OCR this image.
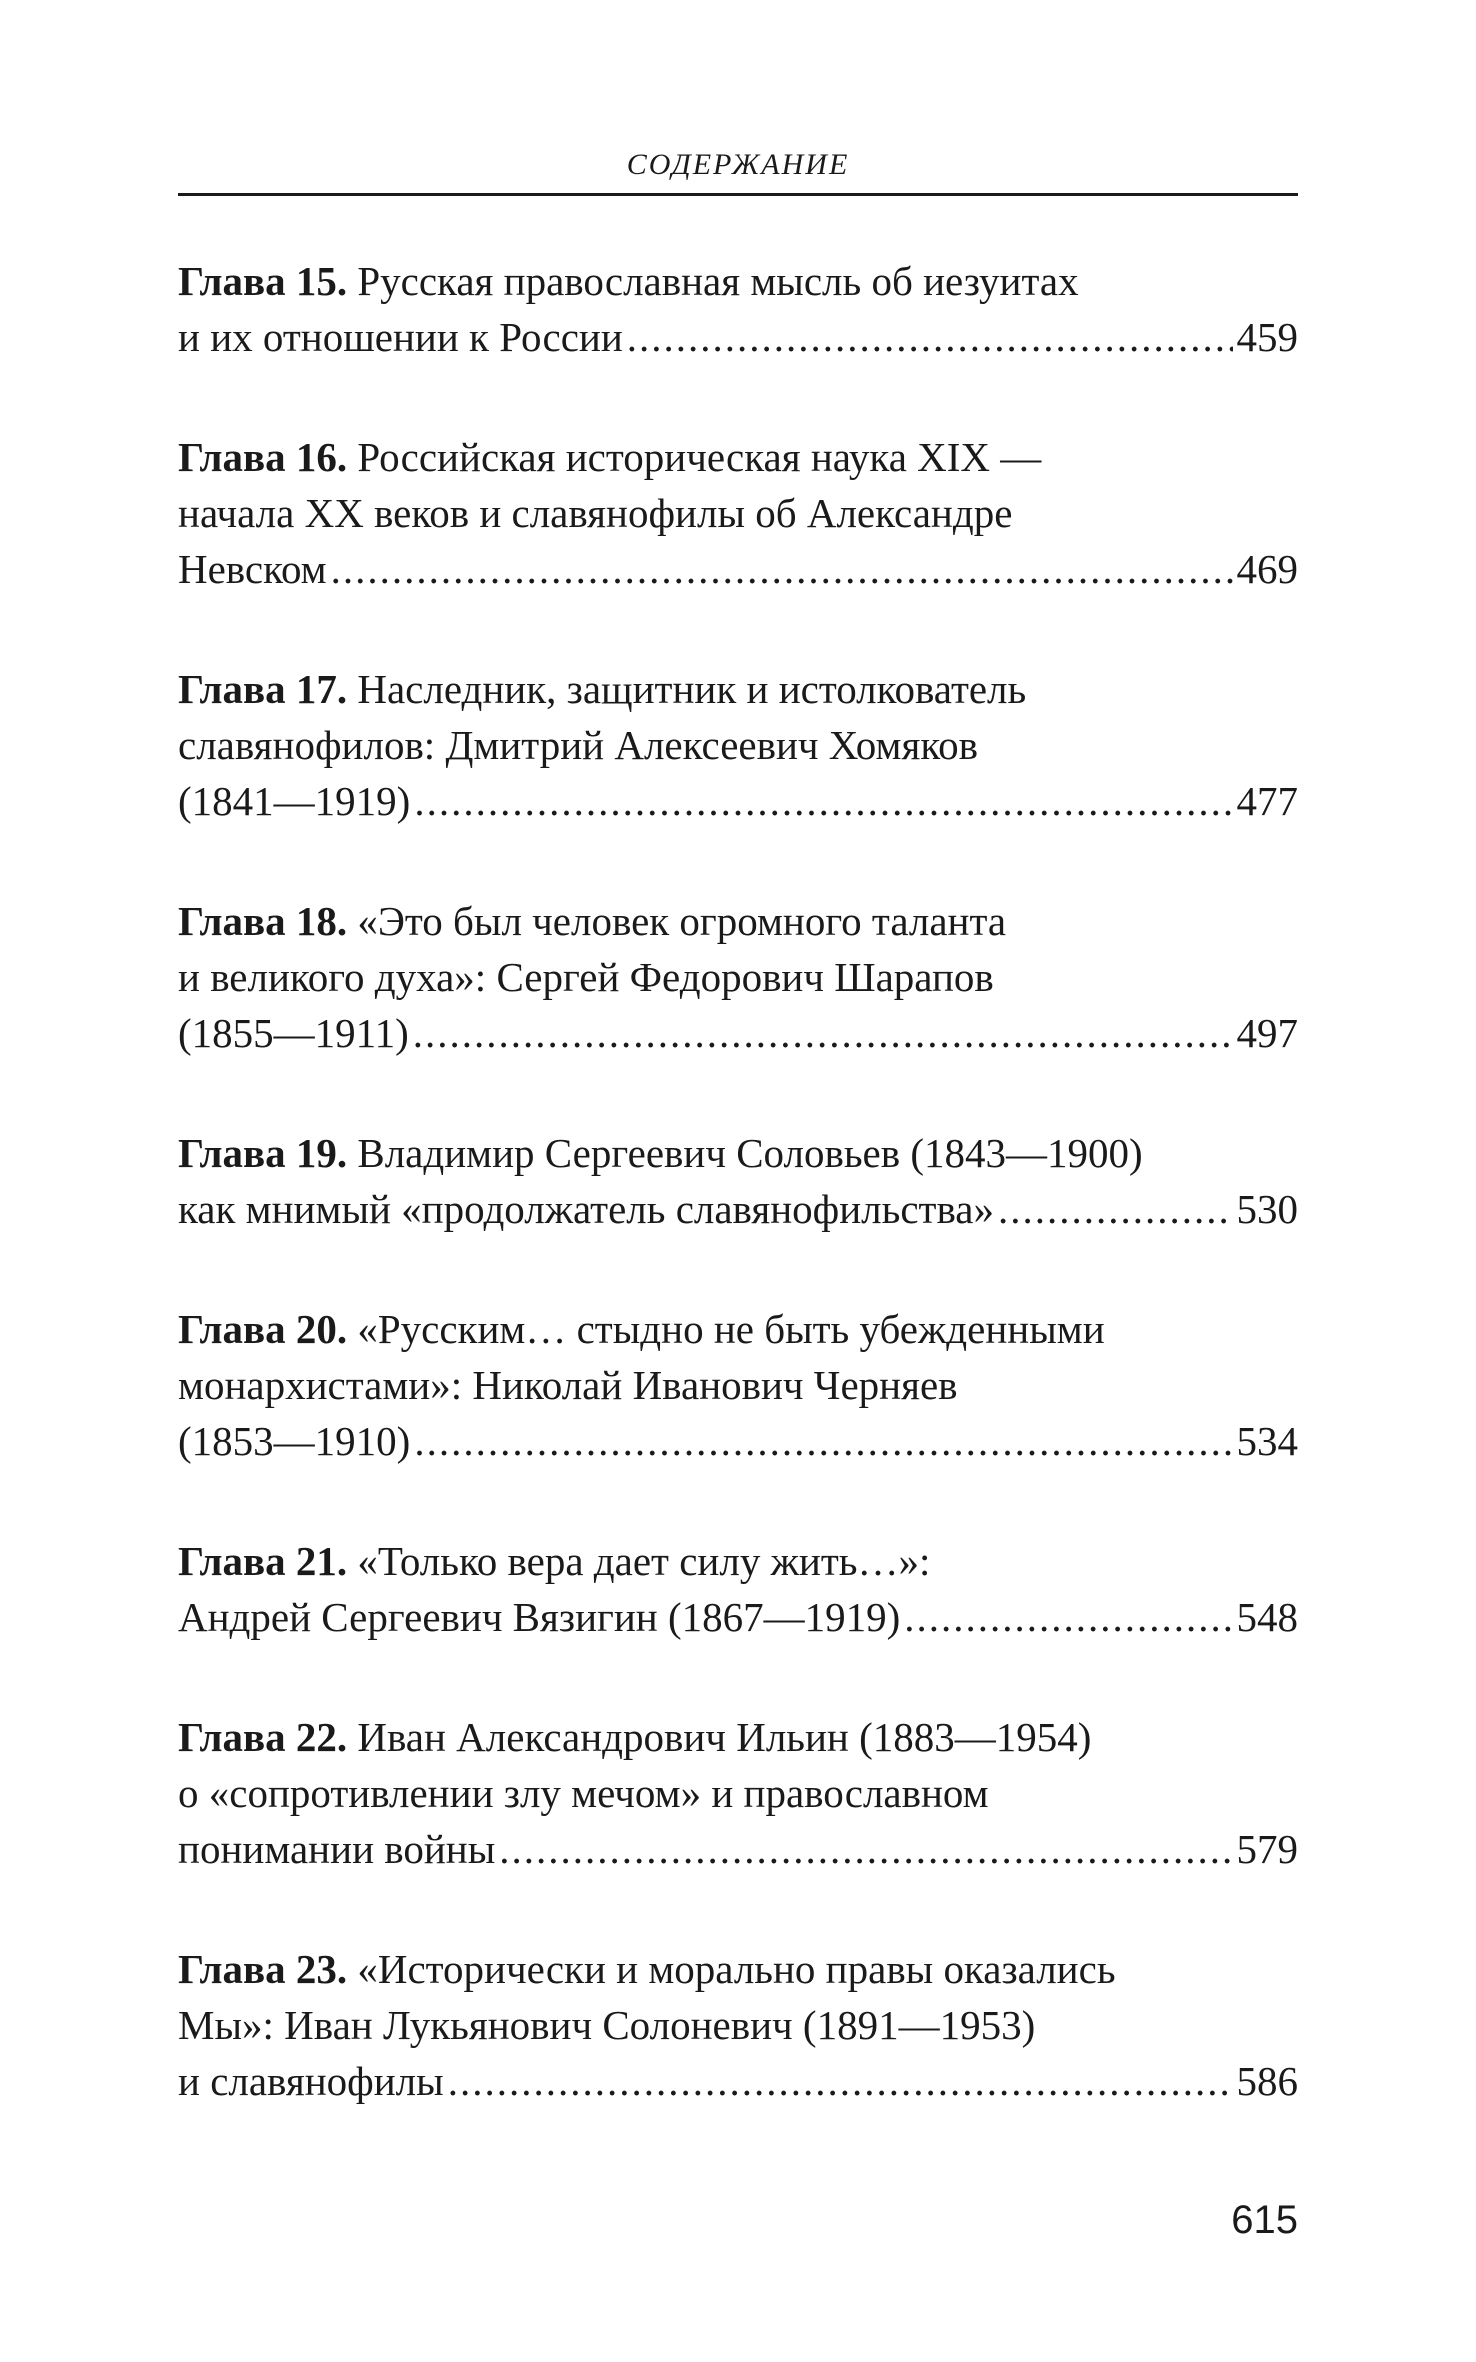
СОДЕРЖАНИЕ
Глава 15. Русская православная мысль об иезуитах
и их отношении к России .....	459
Глава 16. Российская историческая наука XIX —
начала XX веков и славянофилы об Александре
Невском .....	469
Глава 17. Наследник, защитник и истолкователь
славянофилов: Дмитрий Алексеевич Хомяков
(1841—1919) .....	477
Глава 18. «Это был человек огромного таланта
и великого духа»: Сергей Федорович Шарапов
(1855—1911) .....	497
Глава 19. Владимир Сергеевич Соловьев (1843—1900)
как мнимый «продолжатель славянофильства» .....	530
Глава 20. «Русским… стыдно не быть убежденными
монархистами»: Николай Иванович Черняев
(1853—1910) .....	534
Глава 21. «Только вера дает силу жить…»:
Андрей Сергеевич Вязигин (1867—1919) .....	548
Глава 22. Иван Александрович Ильин (1883—1954)
о «сопротивлении злу мечом» и православном
понимании войны .....	579
Глава 23. «Исторически и морально правы оказались
Мы»: Иван Лукьянович Солоневич (1891—1953)
и славянофилы .....	586
615
